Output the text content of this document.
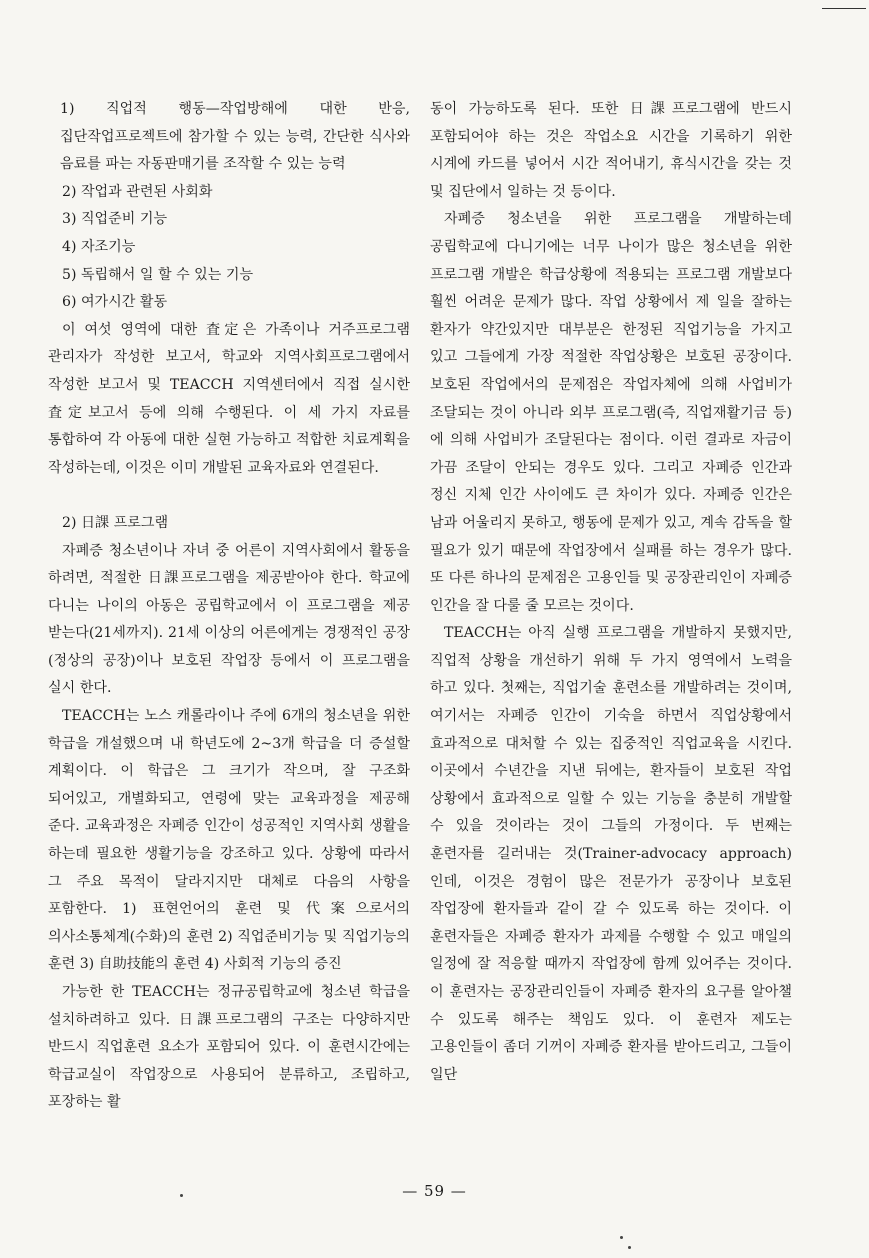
1) 직업적 행동—작업방해에 대한 반응, 집단작업프로젝트에 참가할 수 있는 능력, 간단한 식사와 음료를 파는 자동판매기를 조작할 수 있는 능력

2) 작업과 관련된 사회화

3) 직업준비 기능

4) 자조기능

5) 독립해서 일 할 수 있는 기능

6) 여가시간 활동

이 여섯 영역에 대한 査定은 가족이나 거주프로그램 관리자가 작성한 보고서, 학교와 지역사회프로그램에서 작성한 보고서 및 TEACCH 지역센터에서 직접 실시한 査定보고서 등에 의해 수행된다. 이 세 가지 자료를 통합하여 각 아동에 대한 실현 가능하고 적합한 치료계획을 작성하는데, 이것은 이미 개발된 교육자료와 연결된다.

2) 日課 프로그램

자폐증 청소년이나 자녀 중 어른이 지역사회에서 활동을 하려면, 적절한 日課프로그램을 제공받아야 한다. 학교에 다니는 나이의 아동은 공립학교에서 이 프로그램을 제공 받는다(21세까지). 21세 이상의 어른에게는 경쟁적인 공장(정상의 공장)이나 보호된 작업장 등에서 이 프로그램을 실시 한다.

TEACCH는 노스 캐롤라이나 주에 6개의 청소년을 위한 학급을 개설했으며 내 학년도에 2~3개 학급을 더 증설할 계획이다. 이 학급은 그 크기가 작으며, 잘 구조화 되어있고, 개별화되고, 연령에 맞는 교육과정을 제공해 준다. 교육과정은 자폐증 인간이 성공적인 지역사회 생활을 하는데 필요한 생활기능을 강조하고 있다. 상황에 따라서 그 주요 목적이 달라지지만 대체로 다음의 사항을 포함한다. 1) 표현언어의 훈련 및 代案으로서의 의사소통체계(수화)의 훈련 2) 직업준비기능 및 직업기능의 훈련 3) 自助技能의 훈련 4) 사회적 기능의 증진

가능한 한 TEACCH는 정규공립학교에 청소년 학급을 설치하려하고 있다. 日課프로그램의 구조는 다양하지만 반드시 직업훈련 요소가 포함되어 있다. 이 훈련시간에는 학급교실이 작업장으로 사용되어 분류하고, 조립하고, 포장하는 활

동이 가능하도록 된다. 또한 日課프로그램에 반드시 포함되어야 하는 것은 작업소요 시간을 기록하기 위한 시계에 카드를 넣어서 시간 적어내기, 휴식시간을 갖는 것 및 집단에서 일하는 것 등이다.

자폐증 청소년을 위한 프로그램을 개발하는데 공립학교에 다니기에는 너무 나이가 많은 청소년을 위한 프로그램 개발은 학급상황에 적용되는 프로그램 개발보다 훨씬 어려운 문제가 많다. 작업 상황에서 제 일을 잘하는 환자가 약간있지만 대부분은 한정된 직업기능을 가지고 있고 그들에게 가장 적절한 작업상황은 보호된 공장이다. 보호된 작업에서의 문제점은 작업자체에 의해 사업비가 조달되는 것이 아니라 외부 프로그램(즉, 직업재활기금 등)에 의해 사업비가 조달된다는 점이다. 이런 결과로 자금이 가끔 조달이 안되는 경우도 있다. 그리고 자폐증 인간과 정신 지체 인간 사이에도 큰 차이가 있다. 자폐증 인간은 남과 어울리지 못하고, 행동에 문제가 있고, 계속 감독을 할 필요가 있기 때문에 작업장에서 실패를 하는 경우가 많다. 또 다른 하나의 문제점은 고용인들 및 공장관리인이 자폐증 인간을 잘 다룰 줄 모르는 것이다.

TEACCH는 아직 실행 프로그램을 개발하지 못했지만, 직업적 상황을 개선하기 위해 두 가지 영역에서 노력을 하고 있다. 첫째는, 직업기술 훈련소를 개발하려는 것이며, 여기서는 자폐증 인간이 기숙을 하면서 직업상황에서 효과적으로 대처할 수 있는 집중적인 직업교육을 시킨다. 이곳에서 수년간을 지낸 뒤에는, 환자들이 보호된 작업 상황에서 효과적으로 일할 수 있는 기능을 충분히 개발할 수 있을 것이라는 것이 그들의 가정이다. 두 번째는 훈련자를 길러내는 것(Trainer-advocacy approach)인데, 이것은 경험이 많은 전문가가 공장이나 보호된 작업장에 환자들과 같이 갈 수 있도록 하는 것이다. 이 훈련자들은 자폐증 환자가 과제를 수행할 수 있고 매일의 일정에 잘 적응할 때까지 작업장에 함께 있어주는 것이다. 이 훈련자는 공장관리인들이 자폐증 환자의 요구를 알아챌 수 있도록 해주는 책임도 있다. 이 훈련자 제도는 고용인들이 좀더 기꺼이 자폐증 환자를 받아드리고, 그들이 일단

— 59 —
